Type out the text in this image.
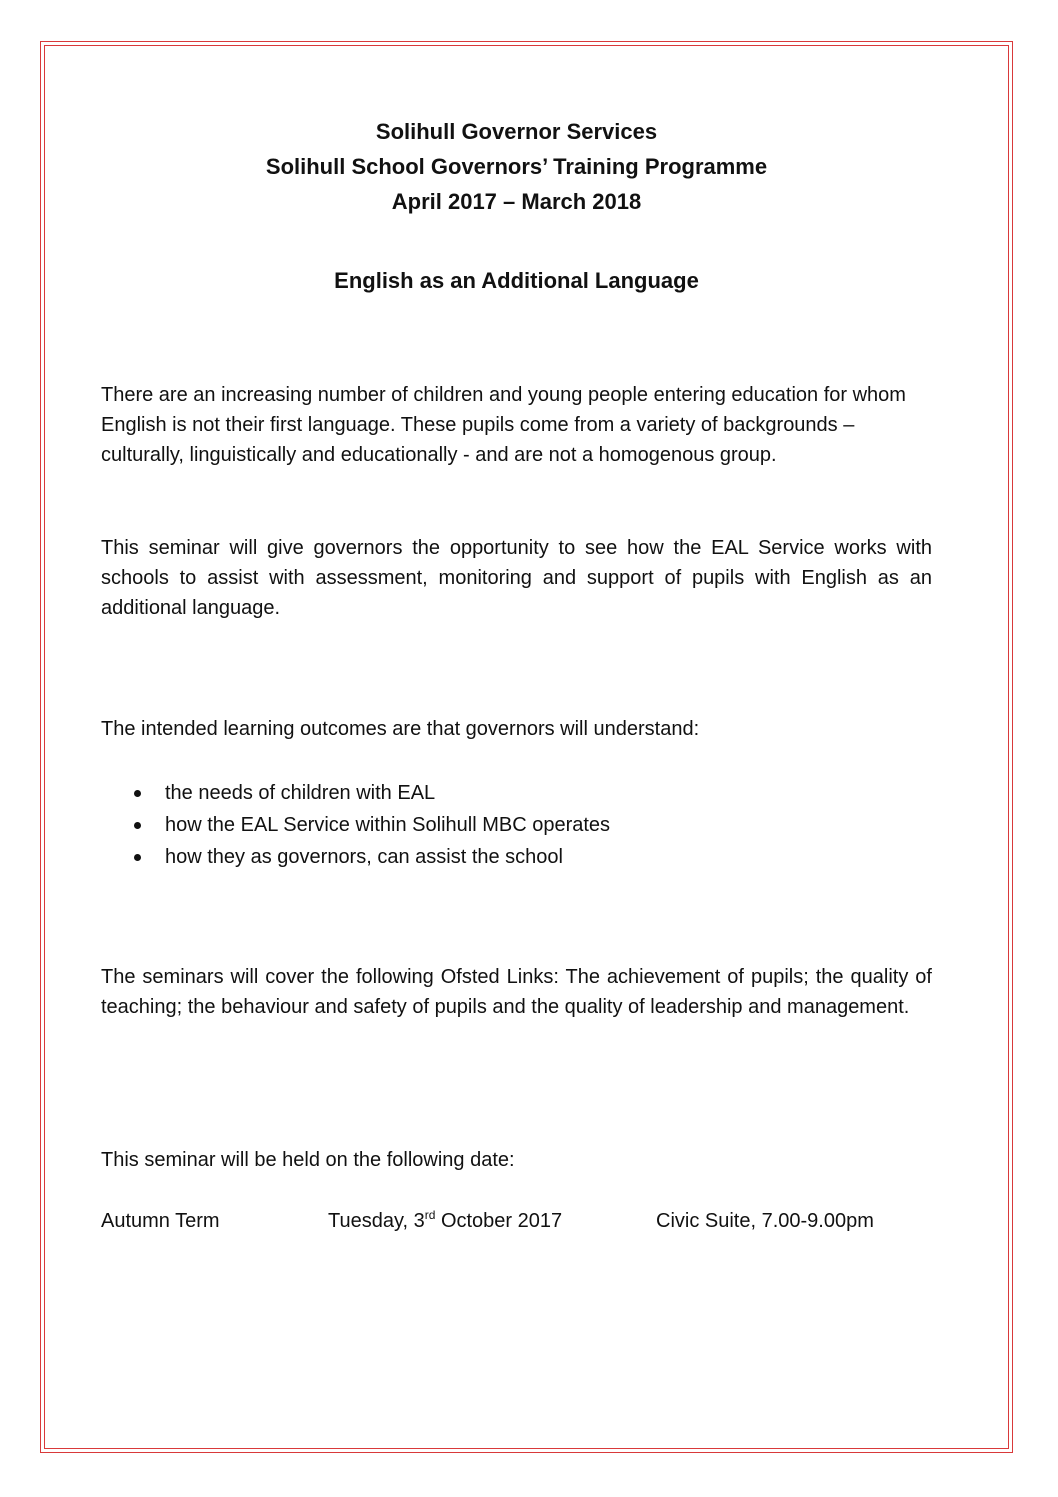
Solihull Governor Services
Solihull School Governors’ Training Programme
April 2017 – March 2018
English as an Additional Language
There are an increasing number of children and young people entering education for whom English is not their first language. These pupils come from a variety of backgrounds – culturally, linguistically and educationally - and are not a homogenous group.
This seminar will give governors the opportunity to see how the EAL Service works with schools to assist with assessment, monitoring and support of pupils with English as an additional language.
The intended learning outcomes are that governors will understand:
the needs of children with EAL
how the EAL Service within Solihull MBC operates
how they as governors, can assist the school
The seminars will cover the following Ofsted Links: The achievement of pupils; the quality of teaching; the behaviour and safety of pupils and the quality of leadership and management.
This seminar will be held on the following date:
Autumn Term	Tuesday, 3rd October 2017	Civic Suite, 7.00-9.00pm
